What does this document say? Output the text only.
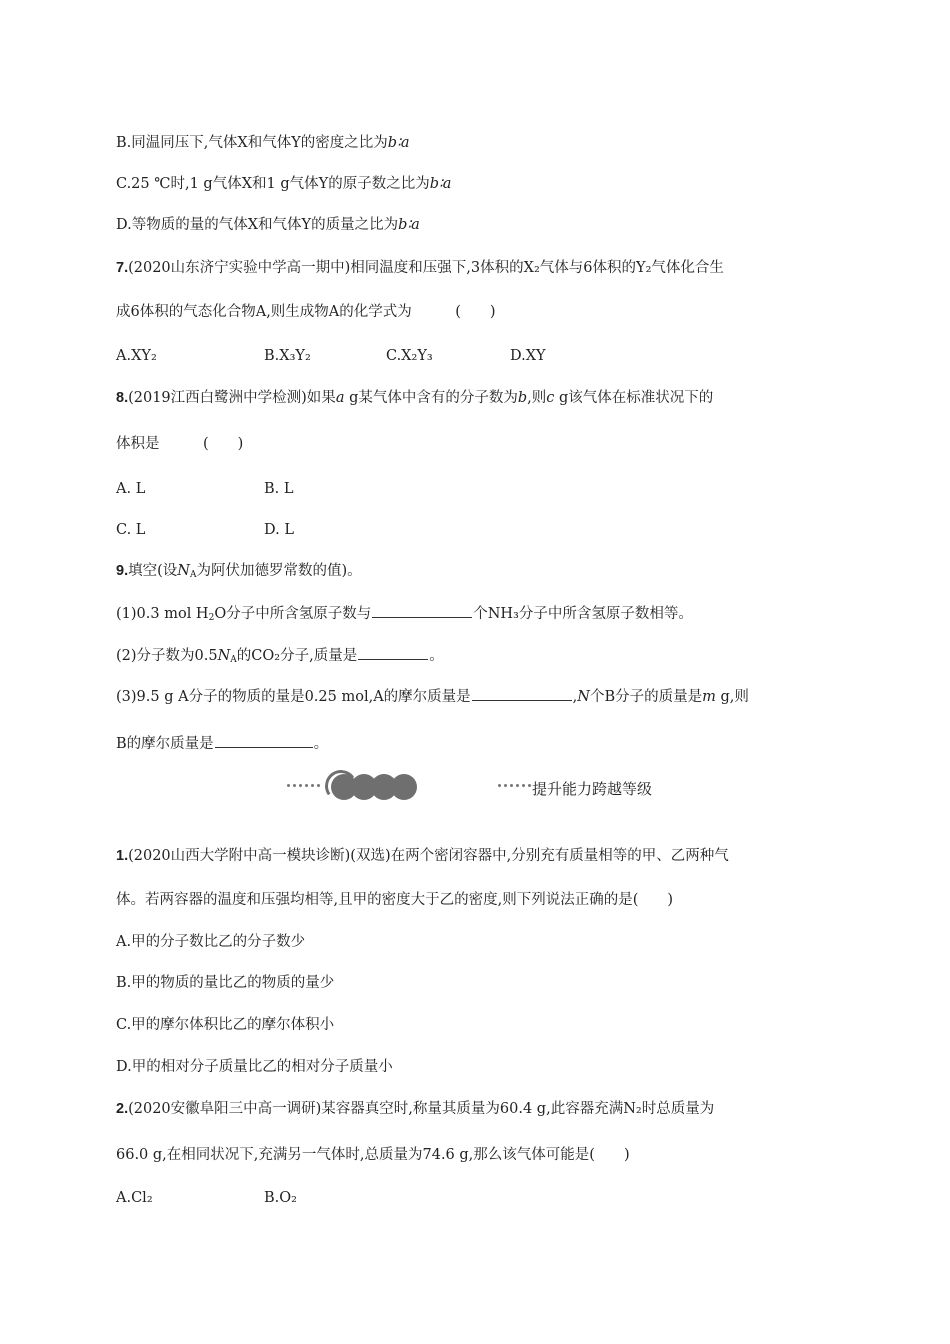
B.同温同压下,气体X和气体Y的密度之比为b∶a
C.25 ℃时,1 g气体X和1 g气体Y的原子数之比为b∶a
D.等物质的量的气体X和气体Y的质量之比为b∶a
7.(2020山东济宁实验中学高一期中)相同温度和压强下,3体积的X₂气体与6体积的Y₂气体化合生
成6体积的气态化合物A,则生成物A的化学式为　　　(　　)
A.XY₂	B.X₃Y₂	C.X₂Y₃	D.XY
8.(2019江西白鹭洲中学检测)如果a g某气体中含有的分子数为b,则c g该气体在标准状况下的
体积是　　　(　　)
A. L	B. L
C. L	D. L
9.填空(设$N_A$为阿伏加德罗常数的值)。
(1)0.3 mol $H_2O$分子中所含氢原子数与	个NH₃分子中所含氢原子数相等。
(2)分子数为$0.5N_A$的CO₂分子,质量是	。
(3)9.5 g A分子的物质的量是0.25 mol,A的摩尔质量是	,N个B分子的质量是m g,则
B的摩尔质量是	。
提升能力跨越等级
1.(2020山西大学附中高一模块诊断)(双选)在两个密闭容器中,分别充有质量相等的甲、乙两种气
体。若两容器的温度和压强均相等,且甲的密度大于乙的密度,则下列说法正确的是(　　)
A.甲的分子数比乙的分子数少
B.甲的物质的量比乙的物质的量少
C.甲的摩尔体积比乙的摩尔体积小
D.甲的相对分子质量比乙的相对分子质量小
2.(2020安徽阜阳三中高一调研)某容器真空时,称量其质量为60.4 g,此容器充满N₂时总质量为
66.0 g,在相同状况下,充满另一气体时,总质量为74.6 g,那么该气体可能是(　　)
A.Cl₂	B.O₂
